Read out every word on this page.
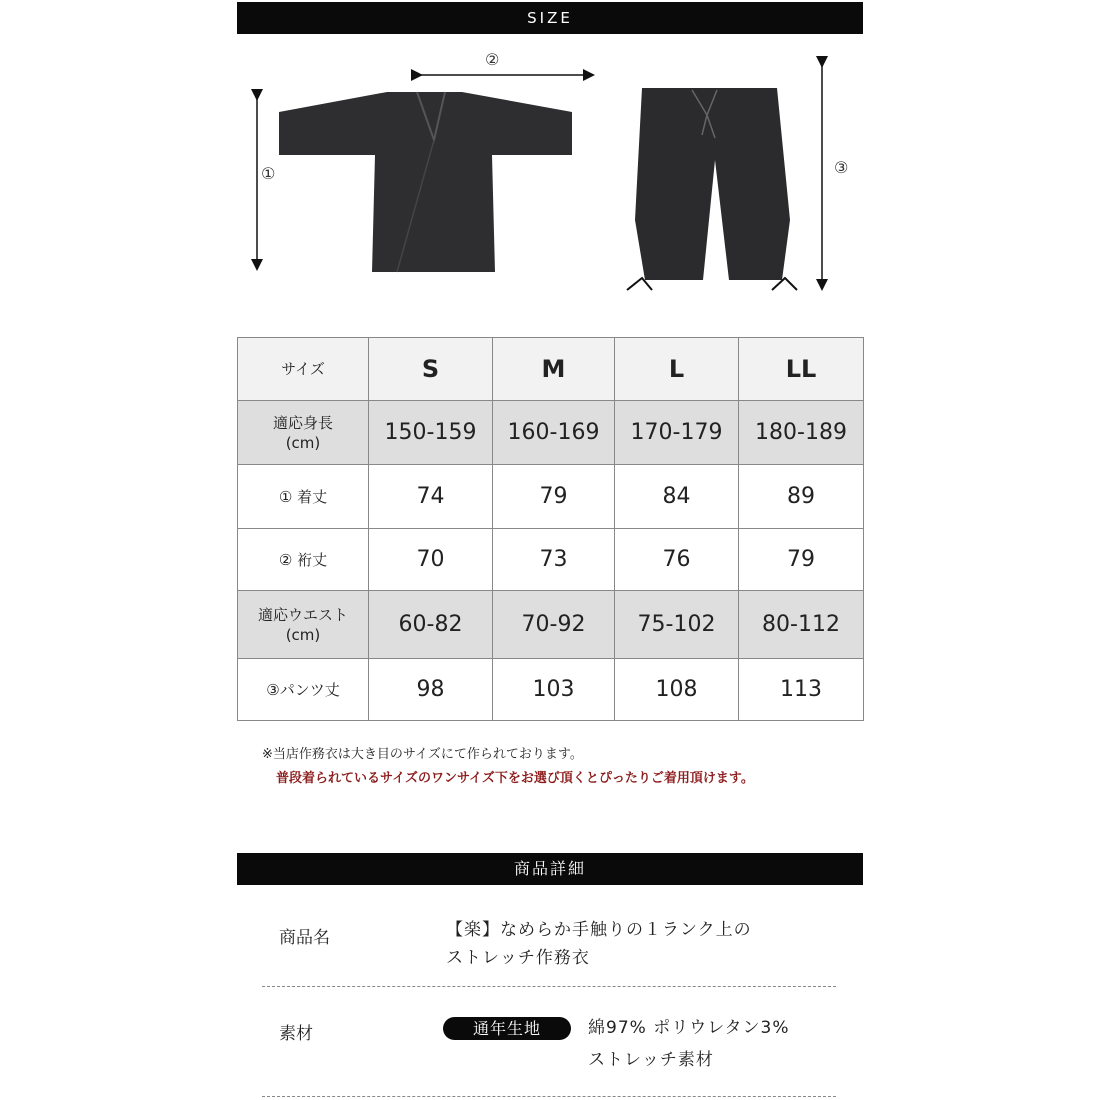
SIZE
①
②
③
サイズ	S	M	L	LL
適応身長
(cm)	150-159	160-169	170-179	180-189
① 着丈	74	79	84	89
② 裄丈	70	73	76	79
適応ウエスト
(cm)	60-82	70-92	75-102	80-112
③パンツ丈	98	103	108	113
※当店作務衣は大き目のサイズにて作られております。
普段着られているサイズのワンサイズ下をお選び頂くとぴったりご着用頂けます。
商品詳細
商品名	【楽】なめらか手触りの１ランク上の
ストレッチ作務衣
素材	通年生地	綿97% ポリウレタン3%
ストレッチ素材
